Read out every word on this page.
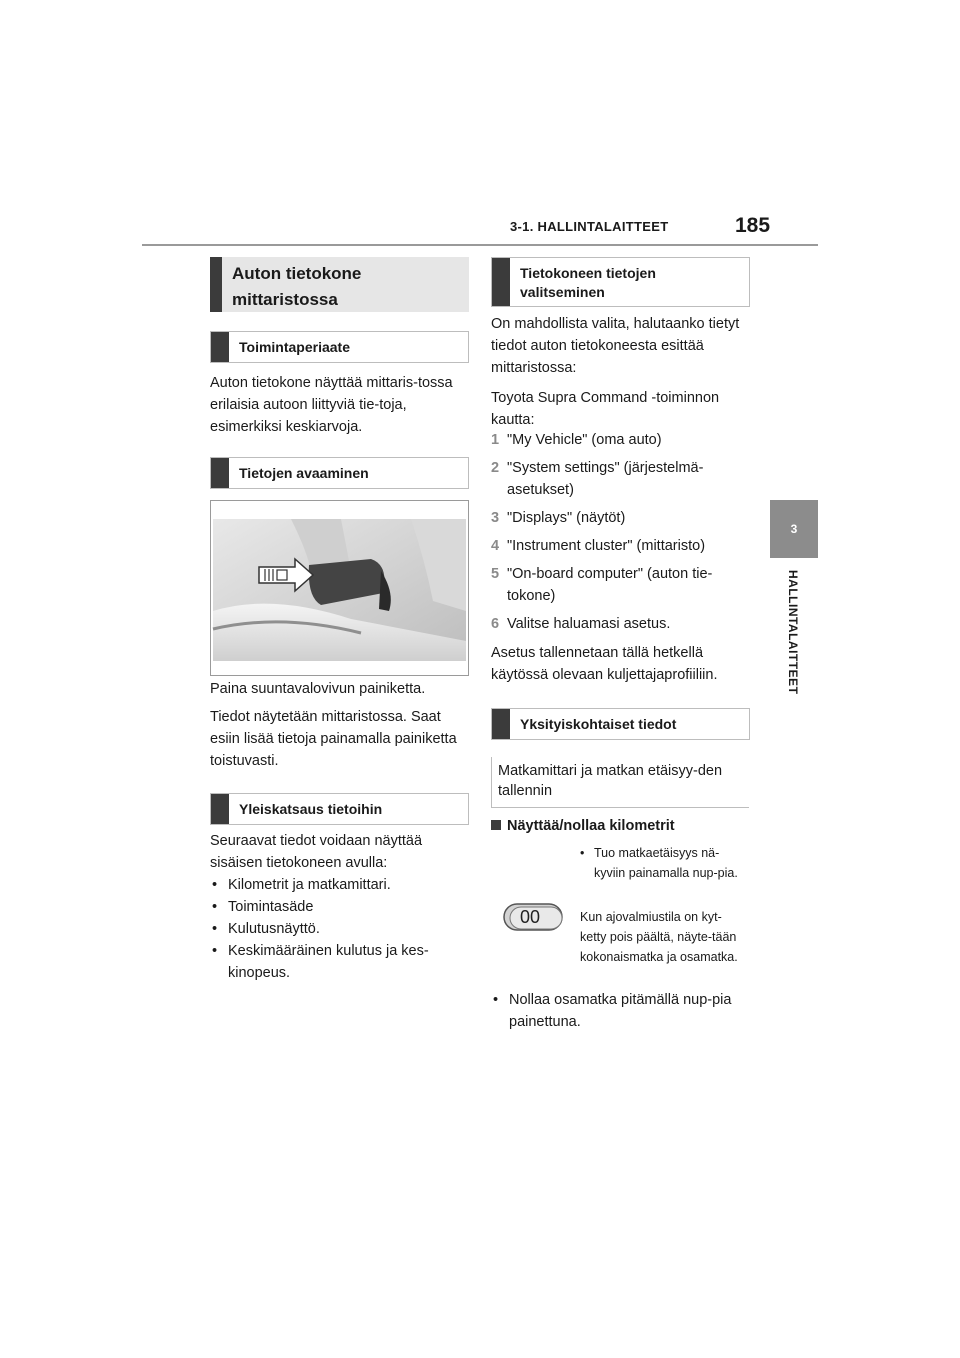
3-1. HALLINTALAITTEET	185
3
HALLINTALAITTEET
Auton tietokone mittaristossa
Toimintaperiaate

Auton tietokone näyttää mittaris-tossa erilaisia autoon liittyviä tie-toja, esimerkiksi keskiarvoja.

Tietojen avaaminen

Paina suuntavalovivun painiketta.

Tiedot näytetään mittaristossa. Saat esiin lisää tietoja painamalla painiketta toistuvasti.

Yleiskatsaus tietoihin

Seuraavat tiedot voidaan näyttää sisäisen tietokoneen avulla:

• Kilometrit ja matkamittari.
• Toimintasäde
• Kulutusnäyttö.
• Keskimääräinen kulutus ja kes-kinopeus.
Tietokoneen tietojen valitseminen

On mahdollista valita, halutaanko tietyt tiedot auton tietokoneesta esittää mittaristossa:

Toyota Supra Command -toiminnon kautta:

1 "My Vehicle" (oma auto)
2 "System settings" (järjestelmä-asetukset)
3 "Displays" (näytöt)
4 "Instrument cluster" (mittaristo)
5 "On-board computer" (auton tie-tokone)
6 Valitse haluamasi asetus.

Asetus tallennetaan tällä hetkellä käytössä olevaan kuljettajaprofiiliin.

Yksityiskohtaiset tiedot
Matkamittari ja matkan etäisyy-den tallennin
Näyttää/nollaa kilometrit
• Tuo matkaetäisyys nä-kyviin painamalla nup-pia.
00	Kun ajovalmiustila on kyt-ketty pois päältä, näyte-tään kokonaismatka ja osamatka.
• Nollaa osamatka pitämällä nup-pia painettuna.
